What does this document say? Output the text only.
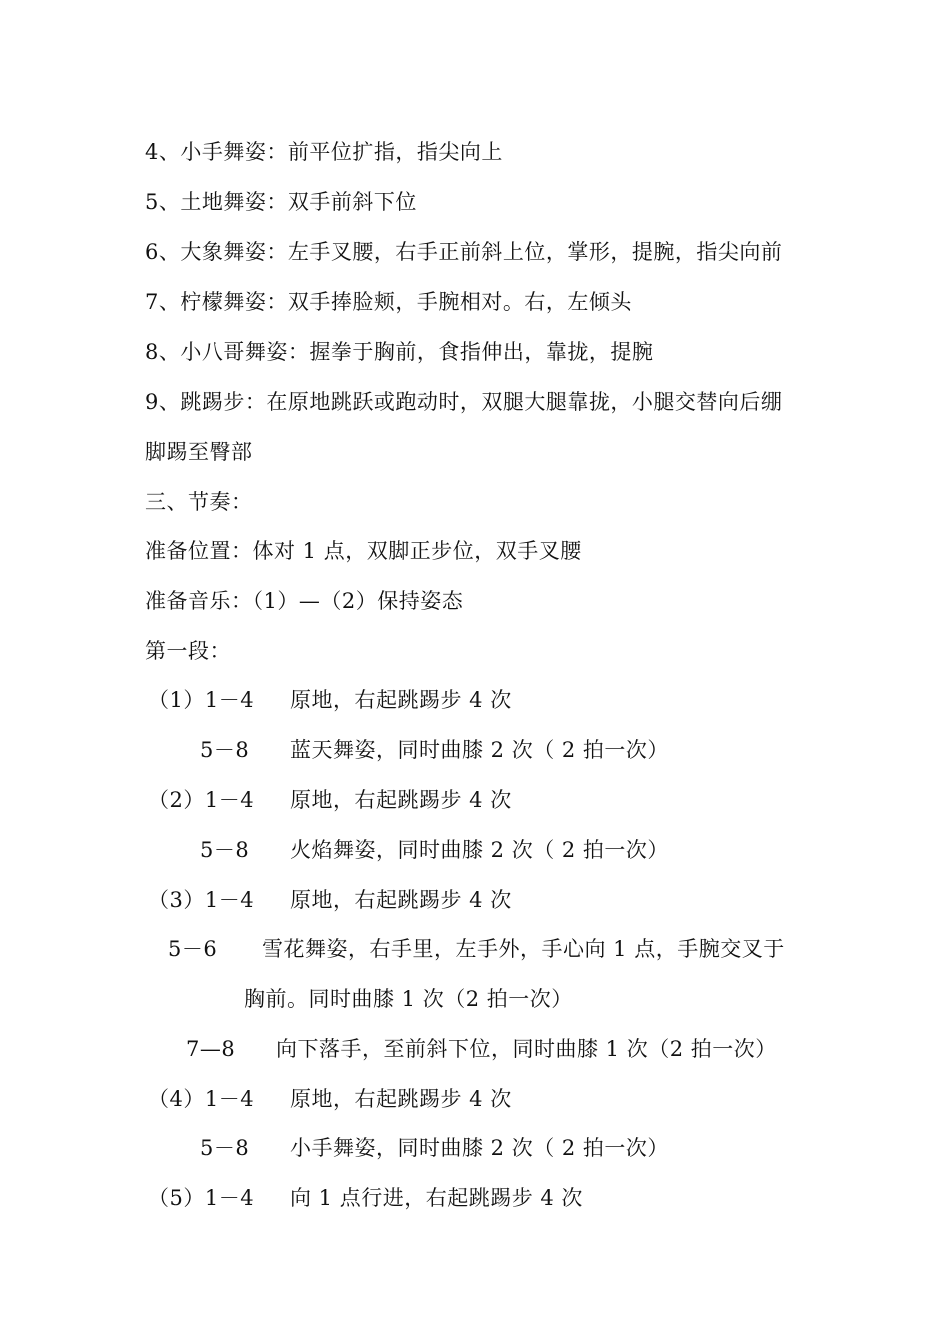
4、小手舞姿：前平位扩指，指尖向上
5、土地舞姿：双手前斜下位
6、大象舞姿：左手叉腰，右手正前斜上位，掌形，提腕，指尖向前
7、柠檬舞姿：双手捧脸颊，手腕相对。右，左倾头
8、小八哥舞姿：握拳于胸前，食指伸出，靠拢，提腕
9、跳踢步：在原地跳跃或跑动时，双腿大腿靠拢，小腿交替向后绷
脚踢至臀部
三、节奏：
准备位置：体对 1 点，双脚正步位，双手叉腰
准备音乐：（1）—（2）保持姿态
第一段：
（1）1－4 原地，右起跳踢步 4 次
5－8 蓝天舞姿，同时曲膝 2 次（ 2 拍一次）
（2）1－4 原地，右起跳踢步 4 次
5－8 火焰舞姿，同时曲膝 2 次（ 2 拍一次）
（3）1－4 原地，右起跳踢步 4 次
5－6 雪花舞姿，右手里，左手外，手心向 1 点，手腕交叉于
胸前。同时曲膝 1 次（2 拍一次）
7—8 向下落手，至前斜下位，同时曲膝 1 次（2 拍一次）
（4）1－4 原地，右起跳踢步 4 次
5－8 小手舞姿，同时曲膝 2 次（ 2 拍一次）
（5）1－4 向 1 点行进，右起跳踢步 4 次
